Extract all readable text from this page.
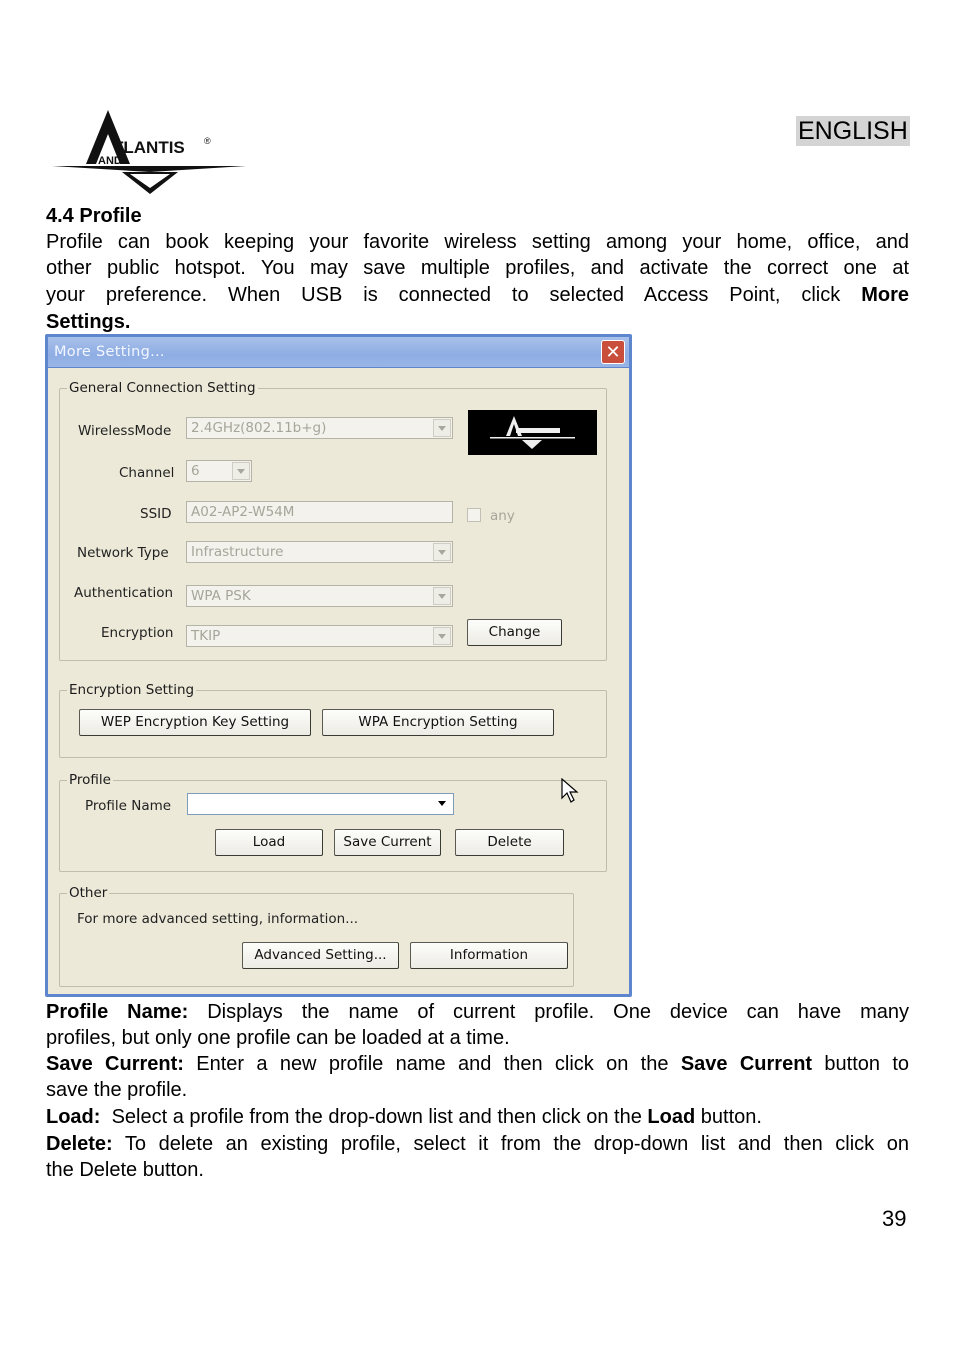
ENGLISH
TLANTIS ®
AND
4.4 Profile
Profile can book keeping your favorite wireless setting among your home, office, and
other public hotspot. You may save multiple profiles, and activate the correct one at
your preference. When USB is connected to selected Access Point, click More
Settings.
More Setting...	✕
General Connection Setting
WirelessMode 2.4GHz(802.11b+g)
Channel 6
SSID A02-AP2-W54M	any
Network Type Infrastructure
Authentication WPA PSK
Encryption TKIP	Change
Encryption Setting
WEP Encryption Key Setting	WPA Encryption Setting
Profile
Profile Name
Load	Save Current	Delete
Other
For more advanced setting, information...
Advanced Setting...	Information
Profile Name: Displays the name of current profile. One device can have many
profiles, but only one profile can be loaded at a time.
Save Current: Enter a new profile name and then click on the Save Current button to
save the profile.
Load: Select a profile from the drop-down list and then click on the Load button.
Delete: To delete an existing profile, select it from the drop-down list and then click on
the Delete button.
39
